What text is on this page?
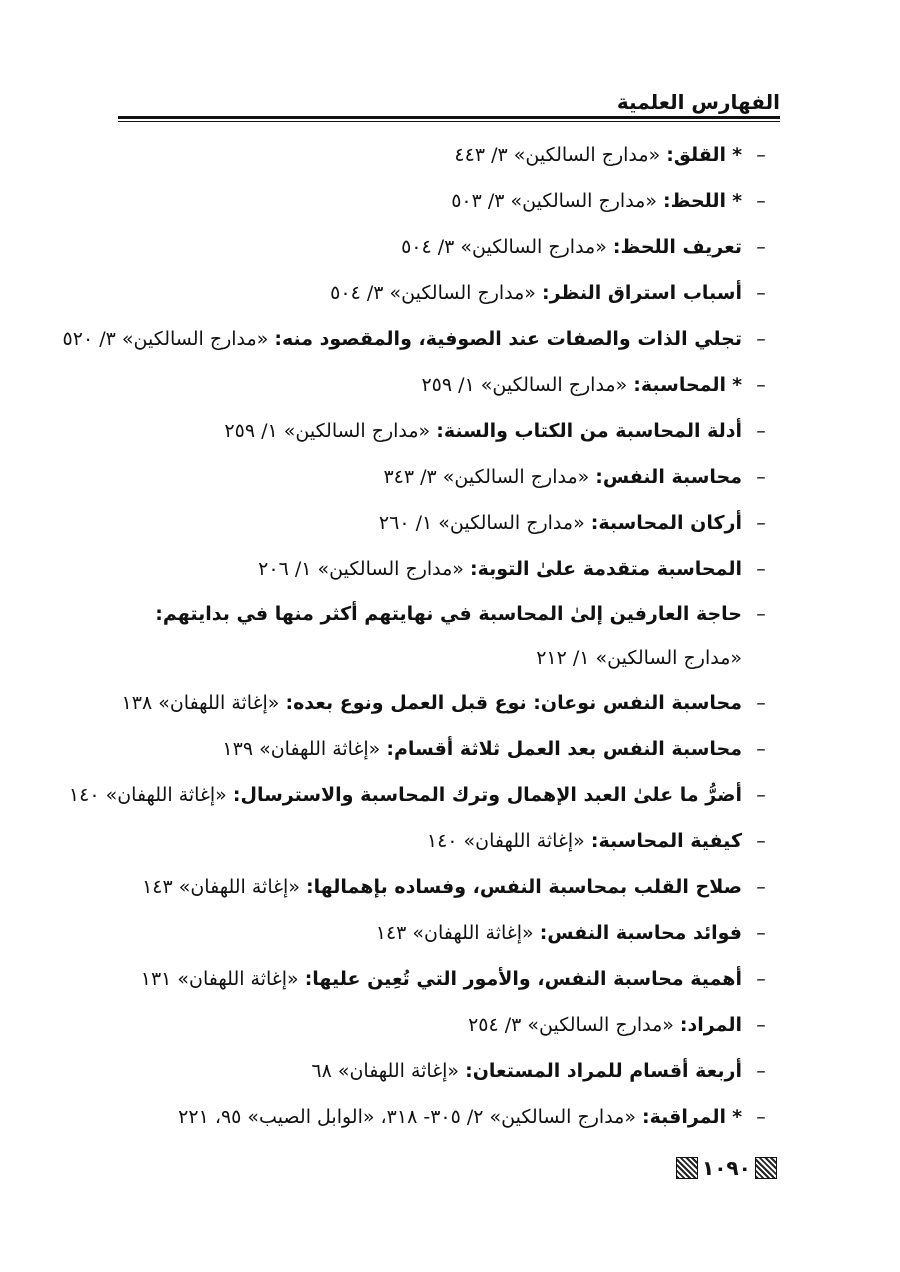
الفهارس العلمية
–
*القلق: «مدارج السالكين» ٣/ ٤٤٣
–
*اللحظ: «مدارج السالكين» ٣/ ٥٠٣
–
تعريف اللحظ: «مدارج السالكين» ٣/ ٥٠٤
–
أسباب استراق النظر: «مدارج السالكين» ٣/ ٥٠٤
–
تجلي الذات والصفات عند الصوفية، والمقصود منه: «مدارج السالكين» ٣/ ٥٢٠
–
*المحاسبة: «مدارج السالكين» ١/ ٢٥٩
–
أدلة المحاسبة من الكتاب والسنة: «مدارج السالكين» ١/ ٢٥٩
–
محاسبة النفس: «مدارج السالكين» ٣/ ٣٤٣
–
أركان المحاسبة: «مدارج السالكين» ١/ ٢٦٠
–
المحاسبة متقدمة علىٰ التوبة: «مدارج السالكين» ١/ ٢٠٦
–
حاجة العارفين إلىٰ المحاسبة في نهايتهم أكثر منها في بدايتهم: «مدارج السالكين» ١/ ٢١٢
–
محاسبة النفس نوعان: نوع قبل العمل ونوع بعده: «إغاثة اللهفان» ١٣٨
–
محاسبة النفس بعد العمل ثلاثة أقسام: «إغاثة اللهفان» ١٣٩
–
أضرُّ ما علىٰ العبد الإهمال وترك المحاسبة والاسترسال: «إغاثة اللهفان» ١٤٠
–
كيفية المحاسبة: «إغاثة اللهفان» ١٤٠
–
صلاح القلب بمحاسبة النفس، وفساده بإهمالها: «إغاثة اللهفان» ١٤٣
–
فوائد محاسبة النفس: «إغاثة اللهفان» ١٤٣
–
أهمية محاسبة النفس، والأمور التي تُعِين عليها: «إغاثة اللهفان» ١٣١
–
المراد: «مدارج السالكين» ٣/ ٢٥٤
–
أربعة أقسام للمراد المستعان: «إغاثة اللهفان» ٦٨
–
*المراقبة: «مدارج السالكين» ٢/ ٣٠٥- ٣١٨، «الوابل الصيب» ٩٥، ٢٢١
١٠٩٠
